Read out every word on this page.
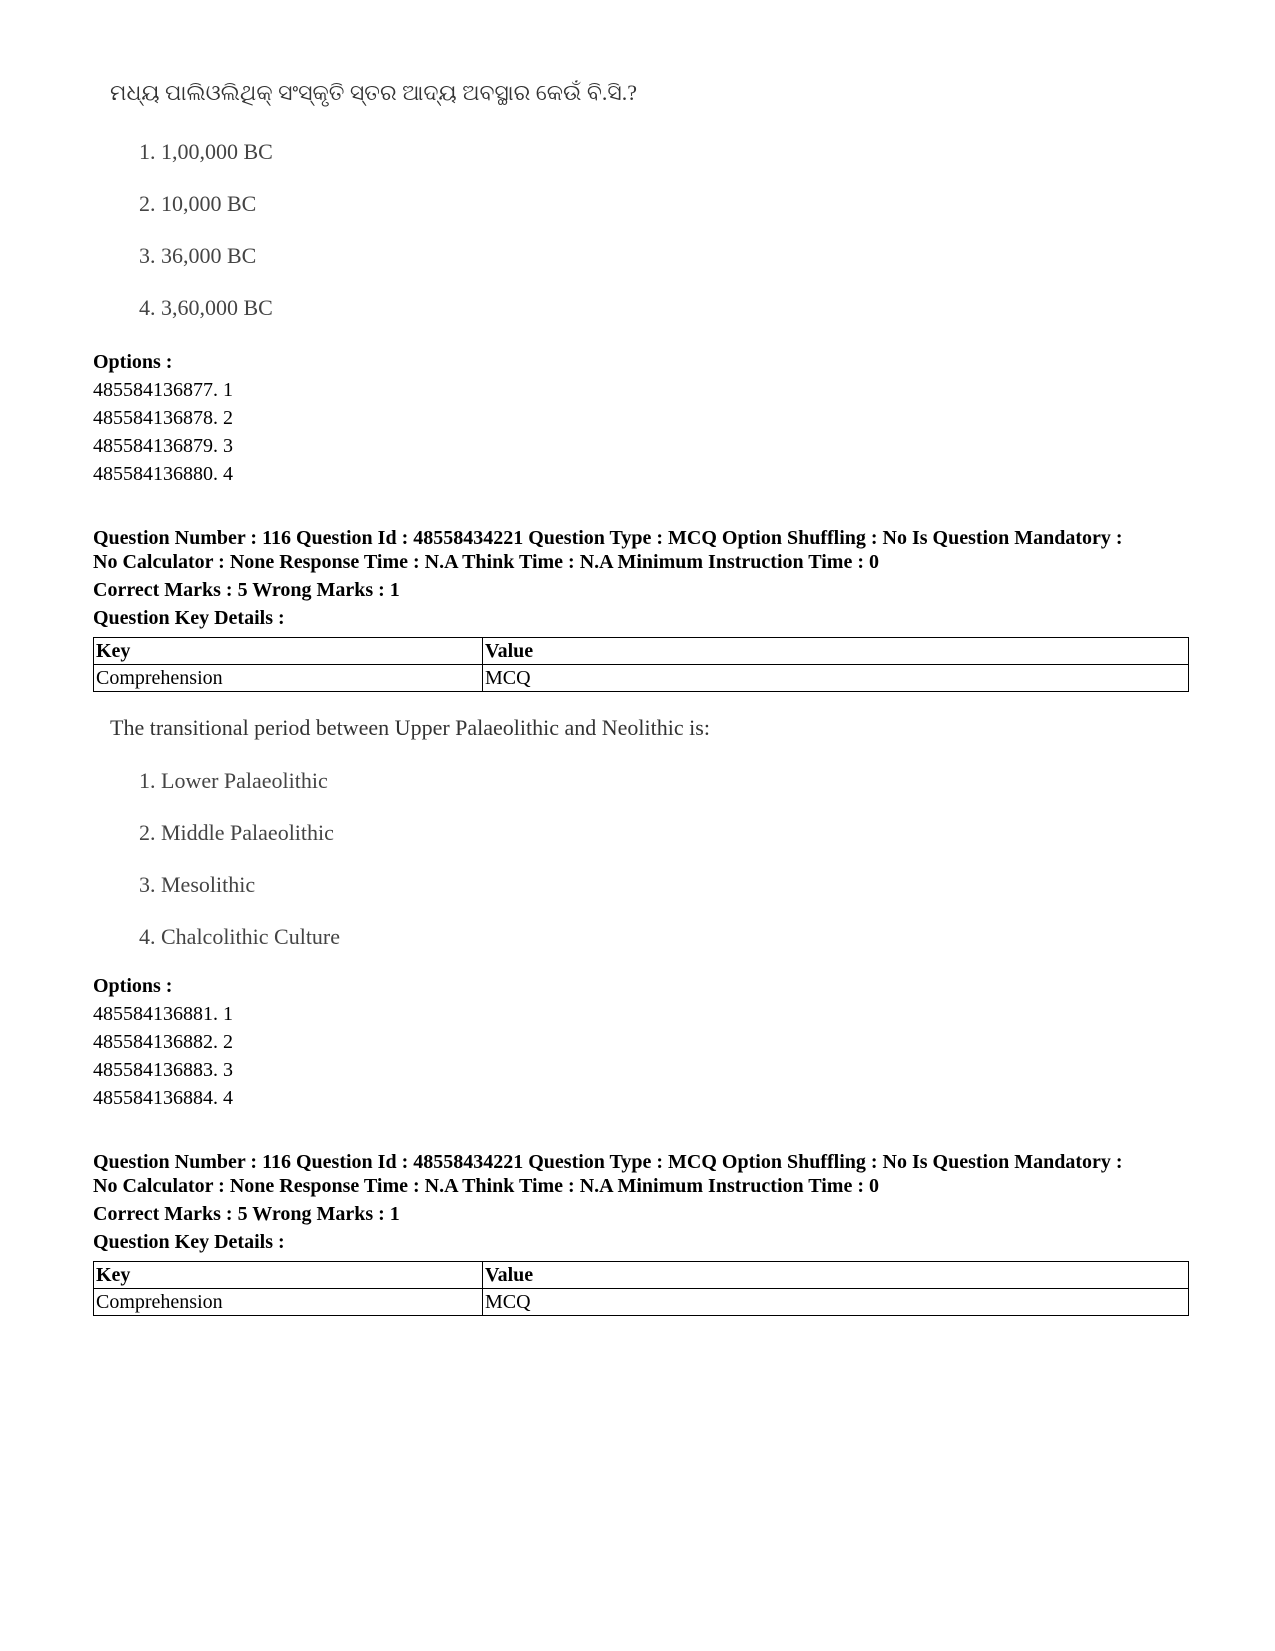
ମଧ୍ୟ ପାଲିଓଲିଥିକ୍ ସଂସ୍କୃତି ସ୍ତର ଆଦ୍ୟ ଅବସ୍ଥାର କେଉଁ ବି.ସି.?
1. 1,00,000 BC
2. 10,000 BC
3. 36,000 BC
4. 3,60,000 BC
Options :
485584136877. 1
485584136878. 2
485584136879. 3
485584136880. 4
Question Number : 116 Question Id : 48558434221 Question Type : MCQ Option Shuffling : No Is Question Mandatory :
No Calculator : None Response Time : N.A Think Time : N.A Minimum Instruction Time : 0
Correct Marks : 5 Wrong Marks : 1
Question Key Details :
Key	Value
Comprehension	MCQ
The transitional period between Upper Palaeolithic and Neolithic is:
1. Lower Palaeolithic
2. Middle Palaeolithic
3. Mesolithic
4. Chalcolithic Culture
Options :
485584136881. 1
485584136882. 2
485584136883. 3
485584136884. 4
Question Number : 116 Question Id : 48558434221 Question Type : MCQ Option Shuffling : No Is Question Mandatory :
No Calculator : None Response Time : N.A Think Time : N.A Minimum Instruction Time : 0
Correct Marks : 5 Wrong Marks : 1
Question Key Details :
Key	Value
Comprehension	MCQ
